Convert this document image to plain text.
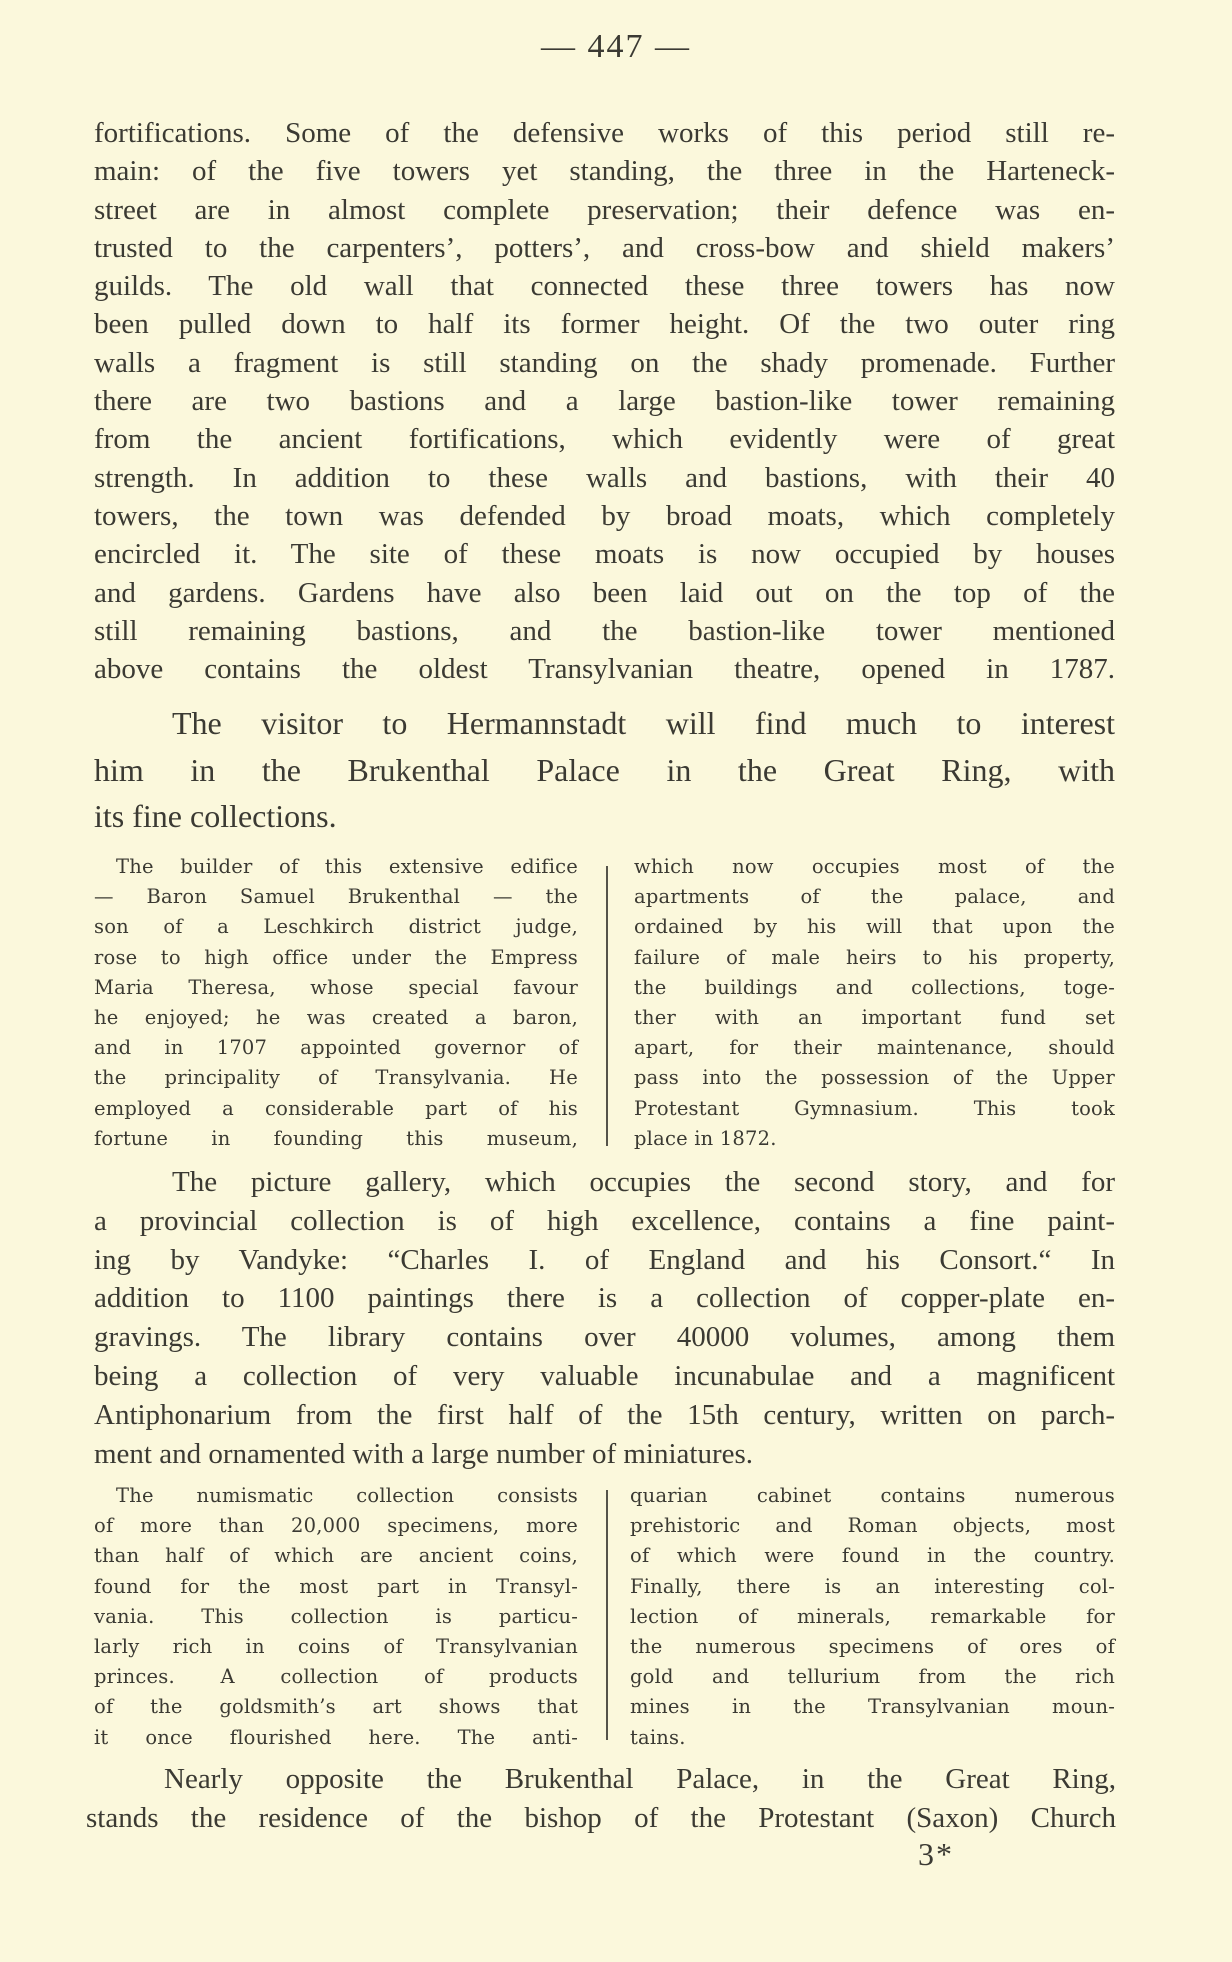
— 447 —
fortifications. Some of the defensive works of this period still re-
main: of the five towers yet standing, the three in the Harteneck-
street are in almost complete preservation; their defence was en-
trusted to the carpenters’, potters’, and cross-bow and shield makers’
guilds. The old wall that connected these three towers has now
been pulled down to half its former height. Of the two outer ring
walls a fragment is still standing on the shady promenade. Further
there are two bastions and a large bastion-like tower remaining
from the ancient fortifications, which evidently were of great
strength. In addition to these walls and bastions, with their 40
towers, the town was defended by broad moats, which completely
encircled it. The site of these moats is now occupied by houses
and gardens. Gardens have also been laid out on the top of the
still remaining bastions, and the bastion-like tower mentioned
above contains the oldest Transylvanian theatre, opened in 1787.
The visitor to Hermannstadt will find much to interest
him in the Brukenthal Palace in the Great Ring, with
its fine collections.
The builder of this extensive edifice
— Baron Samuel Brukenthal — the
son of a Leschkirch district judge,
rose to high office under the Empress
Maria Theresa, whose special favour
he enjoyed; he was created a baron,
and in 1707 appointed governor of
the principality of Transylvania. He
employed a considerable part of his
fortune in founding this museum,
which now occupies most of the
apartments of the palace, and
ordained by his will that upon the
failure of male heirs to his property,
the buildings and collections, toge-
ther with an important fund set
apart, for their maintenance, should
pass into the possession of the Upper
Protestant Gymnasium. This took
place in 1872.
The picture gallery, which occupies the second story, and for
a provincial collection is of high excellence, contains a fine paint-
ing by Vandyke: “Charles I. of England and his Consort.“ In
addition to 1100 paintings there is a collection of copper-plate en-
gravings. The library contains over 40000 volumes, among them
being a collection of very valuable incunabulae and a magnificent
Antiphonarium from the first half of the 15th century, written on parch-
ment and ornamented with a large number of miniatures.
The numismatic collection consists
of more than 20,000 specimens, more
than half of which are ancient coins,
found for the most part in Transyl-
vania. This collection is particu-
larly rich in coins of Transylvanian
princes. A collection of products
of the goldsmith’s art shows that
it once flourished here. The anti-
quarian cabinet contains numerous
prehistoric and Roman objects, most
of which were found in the country.
Finally, there is an interesting col-
lection of minerals, remarkable for
the numerous specimens of ores of
gold and tellurium from the rich
mines in the Transylvanian moun-
tains.
Nearly opposite the Brukenthal Palace, in the Great Ring,
stands the residence of the bishop of the Protestant (Saxon) Church
3*
